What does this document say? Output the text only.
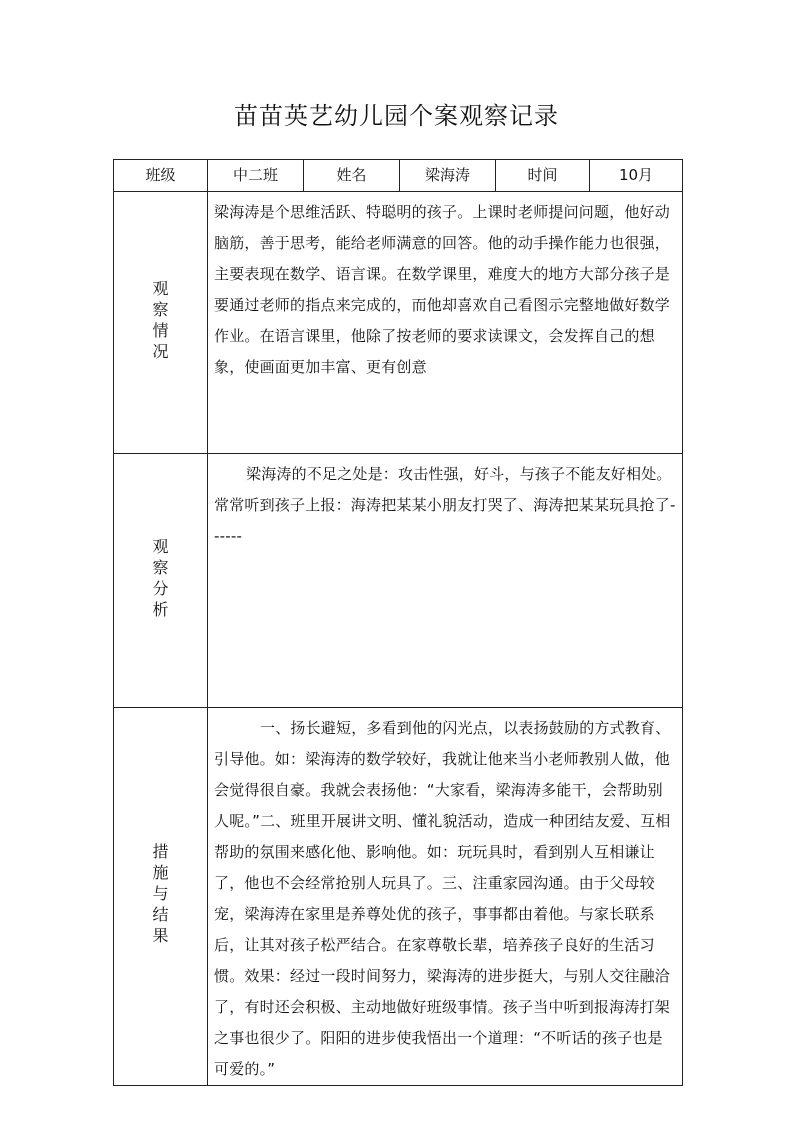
苗苗英艺幼儿园个案观察记录
班级	中二班	姓名	梁海涛	时间	10月
观察情况	梁海涛是个思维活跃、特聪明的孩子。上课时老师提问问题，他好动脑筋，善于思考，能给老师满意的回答。他的动手操作能力也很强，主要表现在数学、语言课。在数学课里，难度大的地方大部分孩子是要通过老师的指点来完成的，而他却喜欢自己看图示完整地做好数学作业。在语言课里，他除了按老师的要求读课文，会发挥自己的想象，使画面更加丰富、更有创意				

观察分析	梁海涛的不足之处是：攻击性强，好斗，与孩子不能友好相处。常常听到孩子上报：海涛把某某小朋友打哭了、海涛把某某玩具抢了------				

措施与结果	一、扬长避短，多看到他的闪光点，以表扬鼓励的方式教育、引导他。如：梁海涛的数学较好，我就让他来当小老师教别人做，他会觉得很自豪。我就会表扬他：“大家看，梁海涛多能干，会帮助别人呢。”二、班里开展讲文明、懂礼貌活动，造成一种团结友爱、互相帮助的氛围来感化他、影响他。如：玩玩具时，看到别人互相谦让了，他也不会经常抢别人玩具了。三、注重家园沟通。由于父母较宠，梁海涛在家里是养尊处优的孩子，事事都由着他。与家长联系后，让其对孩子松严结合。在家尊敬长辈，培养孩子良好的生活习惯。效果：经过一段时间努力，梁海涛的进步挺大，与别人交往融洽了，有时还会积极、主动地做好班级事情。孩子当中听到报海涛打架之事也很少了。阳阳的进步使我悟出一个道理：“不听话的孩子也是可爱的。”				
